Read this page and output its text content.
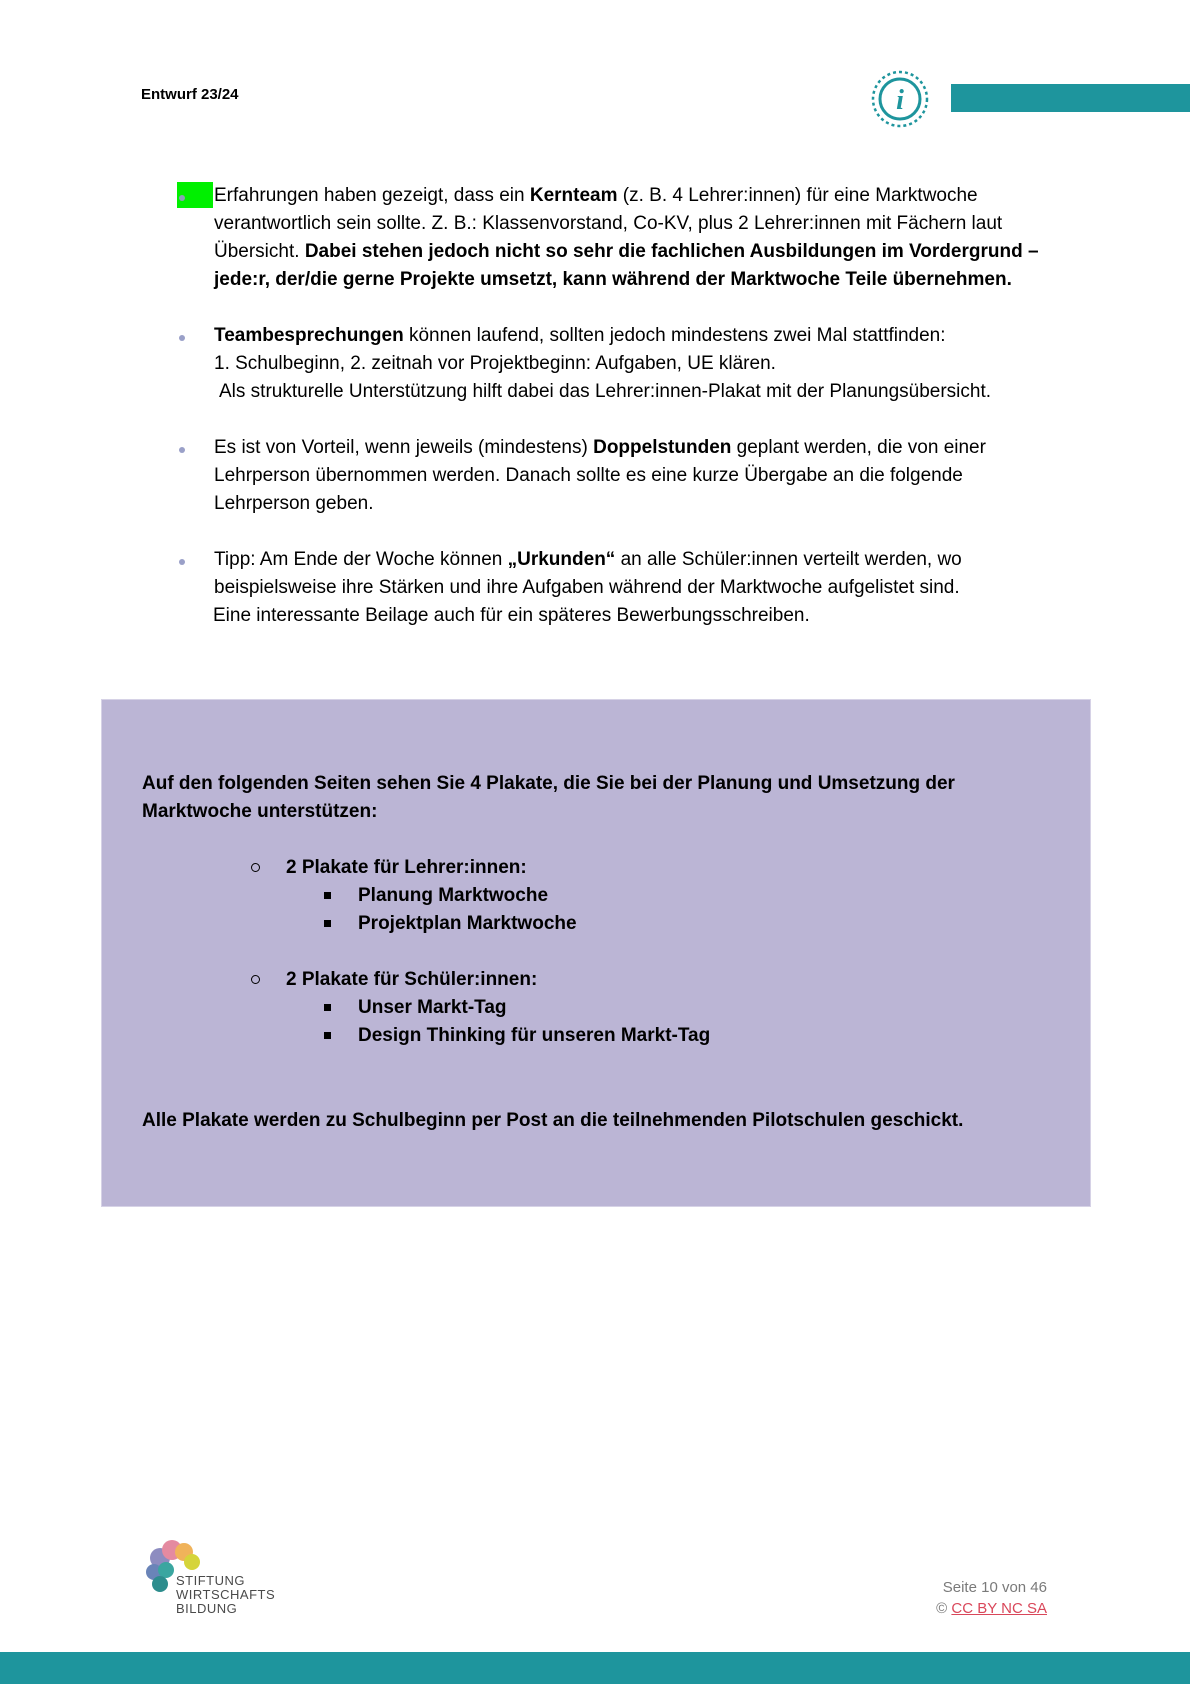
Entwurf 23/24	i
Erfahrungen haben gezeigt, dass ein Kernteam (z. B. 4 Lehrer:innen) für eine Marktwoche verantwortlich sein sollte. Z. B.: Klassenvorstand, Co-KV, plus 2 Lehrer:innen mit Fächern laut Übersicht. Dabei stehen jedoch nicht so sehr die fachlichen Ausbildungen im Vordergrund – jede:r, der/die gerne Projekte umsetzt, kann während der Marktwoche Teile übernehmen.
Teambesprechungen können laufend, sollten jedoch mindestens zwei Mal stattfinden:
1. Schulbeginn, 2. zeitnah vor Projektbeginn: Aufgaben, UE klären.
Als strukturelle Unterstützung hilft dabei das Lehrer:innen-Plakat mit der Planungsübersicht.
Es ist von Vorteil, wenn jeweils (mindestens) Doppelstunden geplant werden, die von einer Lehrperson übernommen werden. Danach sollte es eine kurze Übergabe an die folgende Lehrperson geben.
Tipp: Am Ende der Woche können „Urkunden“ an alle Schüler:innen verteilt werden, wo beispielsweise ihre Stärken und ihre Aufgaben während der Marktwoche aufgelistet sind.
Eine interessante Beilage auch für ein späteres Bewerbungsschreiben.
Auf den folgenden Seiten sehen Sie 4 Plakate, die Sie bei der Planung und Umsetzung der Marktwoche unterstützen:
2 Plakate für Lehrer:innen:
Planung Marktwoche
Projektplan Marktwoche
2 Plakate für Schüler:innen:
Unser Markt-Tag
Design Thinking für unseren Markt-Tag
Alle Plakate werden zu Schulbeginn per Post an die teilnehmenden Pilotschulen geschickt.
STIFTUNG
WIRTSCHAFTS
BILDUNG
Seite 10 von 46
© CC BY NC SA
